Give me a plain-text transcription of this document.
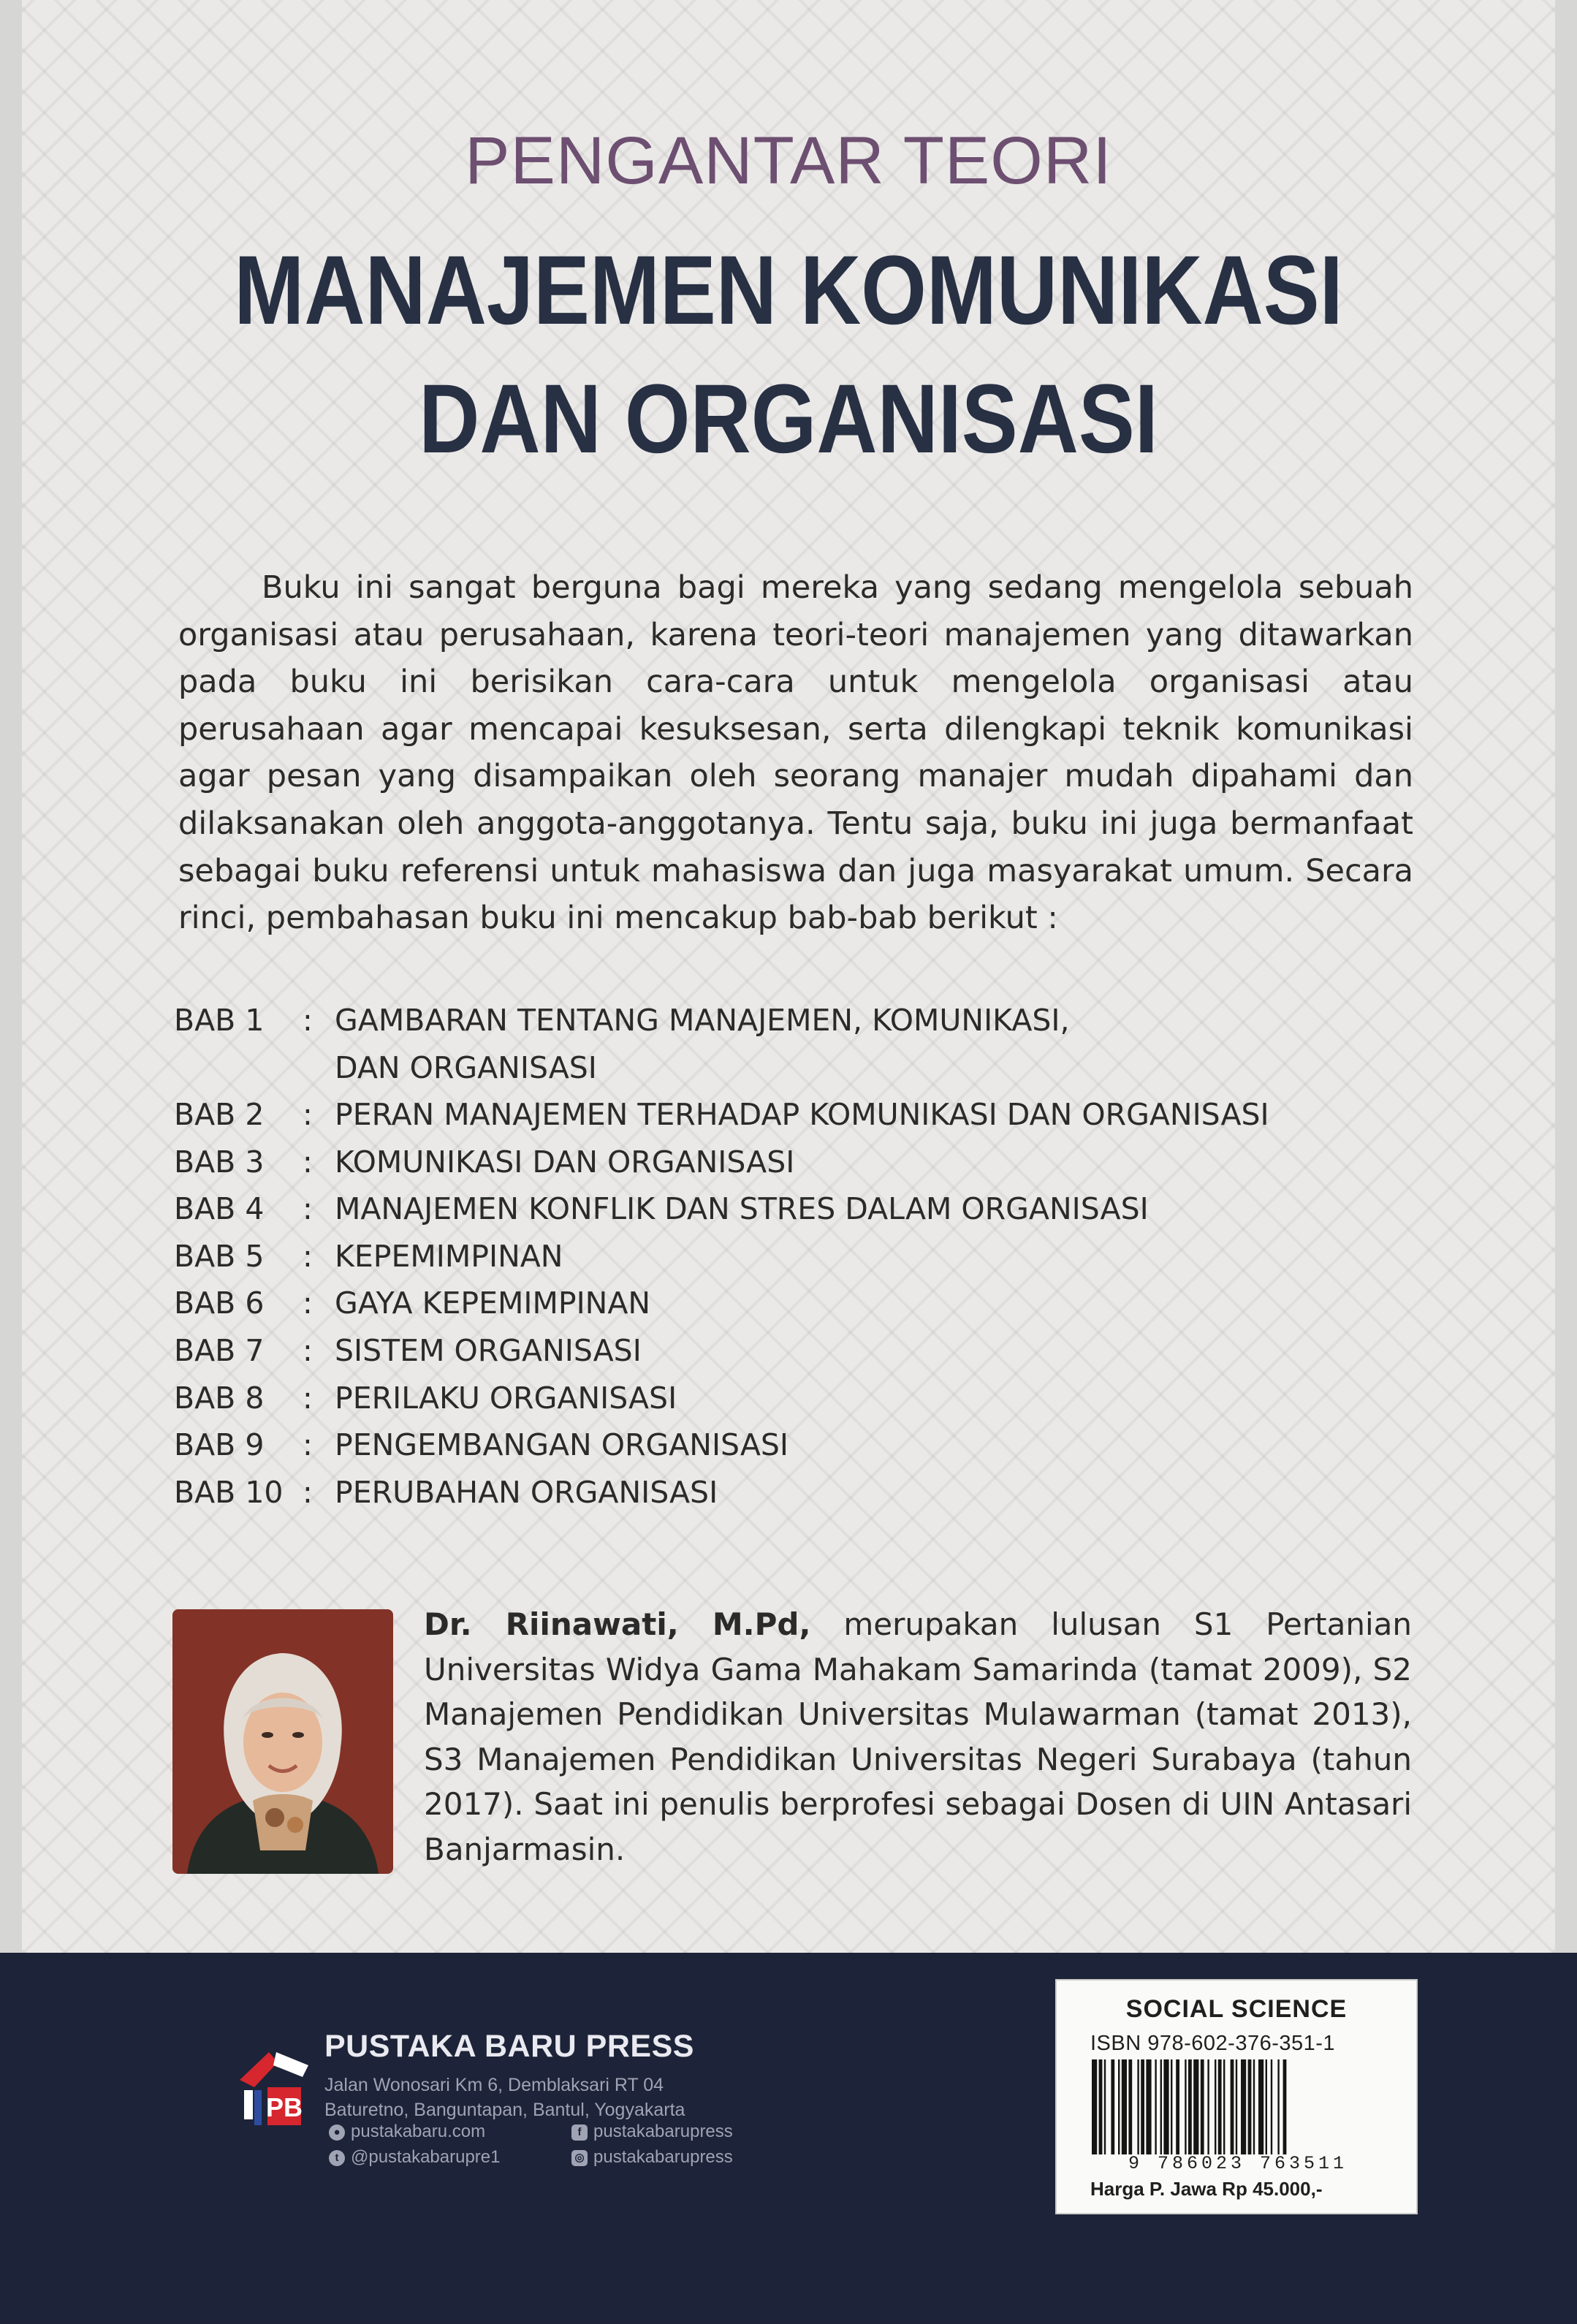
PENGANTAR TEORI
MANAJEMEN KOMUNIKASI
DAN ORGANISASI
Buku ini sangat berguna bagi mereka yang sedang mengelola sebuah organisasi atau perusahaan, karena teori-teori manajemen yang ditawarkan pada buku ini berisikan cara-cara untuk mengelola organisasi atau perusahaan agar mencapai kesuksesan, serta dilengkapi teknik komunikasi agar pesan yang disampaikan oleh seorang manajer mudah dipahami dan dilaksanakan oleh anggota-anggotanya. Tentu saja, buku ini juga bermanfaat sebagai buku referensi untuk mahasiswa dan juga masyarakat umum. Secara rinci, pembahasan buku ini mencakup bab-bab berikut :
BAB 1 : GAMBARAN TENTANG MANAJEMEN, KOMUNIKASI,
DAN ORGANISASI
BAB 2 : PERAN MANAJEMEN TERHADAP KOMUNIKASI DAN ORGANISASI
BAB 3 : KOMUNIKASI DAN ORGANISASI
BAB 4 : MANAJEMEN KONFLIK DAN STRES DALAM ORGANISASI
BAB 5 : KEPEMIMPINAN
BAB 6 : GAYA KEPEMIMPINAN
BAB 7 : SISTEM ORGANISASI
BAB 8 : PERILAKU ORGANISASI
BAB 9 : PENGEMBANGAN ORGANISASI
BAB 10 : PERUBAHAN ORGANISASI
Dr. Riinawati, M.Pd, merupakan lulusan S1 Pertanian Universitas Widya Gama Mahakam Samarinda (tamat 2009), S2 Manajemen Pendidikan Universitas Mulawarman (tamat 2013), S3 Manajemen Pendidikan Universitas Negeri Surabaya (tahun 2017). Saat ini penulis berprofesi sebagai Dosen di UIN Antasari Banjarmasin.
PB
PUSTAKA BARU PRESS
Jalan Wonosari Km 6, Demblaksari RT 04
Baturetno, Banguntapan, Bantul, Yogyakarta
● pustakabaru.com	f pustakabarupress
t @pustakabarupre1	◎ pustakabarupress
SOCIAL SCIENCE
ISBN 978-602-376-351-1
9 786023 763511
Harga P. Jawa Rp 45.000,-
